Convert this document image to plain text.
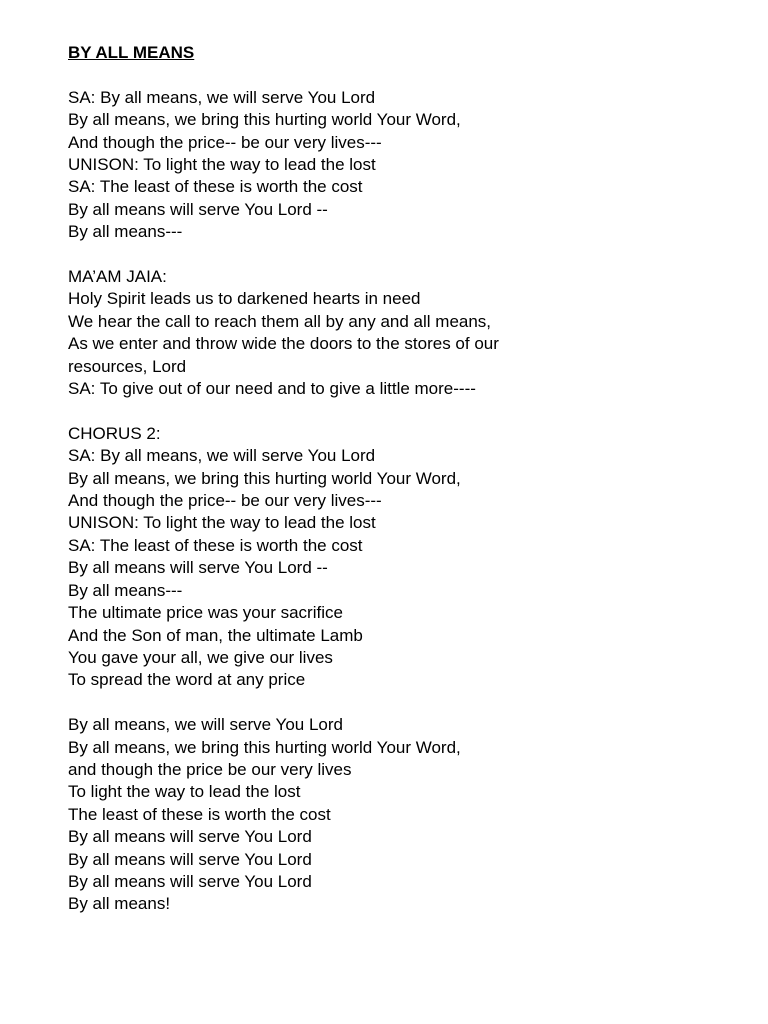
BY ALL MEANS
SA: By all means, we will serve You Lord
By all means, we bring this hurting world Your Word,
And though the price-- be our very lives---
UNISON: To light the way to lead the lost
SA: The least of these is worth the cost
By all means will serve You Lord --
By all means---
MA’AM JAIA:
Holy Spirit leads us to darkened hearts in need
We hear the call to reach them all by any and all means,
As we enter and throw wide the doors to the stores of our
resources, Lord
SA: To give out of our need and to give a little more----
CHORUS 2:
SA: By all means, we will serve You Lord
By all means, we bring this hurting world Your Word,
And though the price-- be our very lives---
UNISON: To light the way to lead the lost
SA: The least of these is worth the cost
By all means will serve You Lord --
By all means---
The ultimate price was your sacrifice
And the Son of man, the ultimate Lamb
You gave your all, we give our lives
To spread the word at any price
By all means, we will serve You Lord
By all means, we bring this hurting world Your Word,
and though the price be our very lives
To light the way to lead the lost
The least of these is worth the cost
By all means will serve You Lord
By all means will serve You Lord
By all means will serve You Lord
By all means!
